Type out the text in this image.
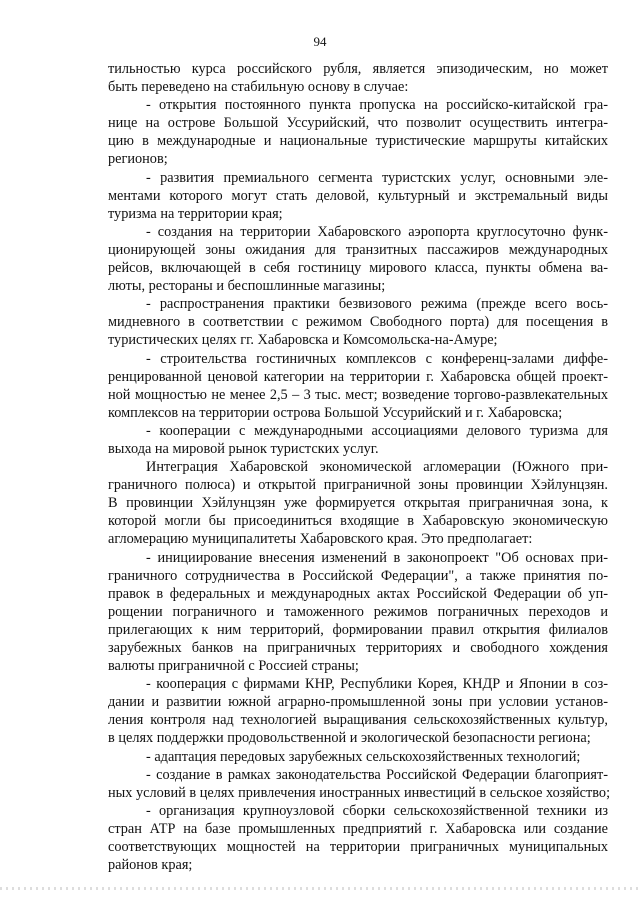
94
тильностью курса российского рубля, является эпизодическим, но может
быть переведено на стабильную основу в случае:
- открытия постоянного пункта пропуска на российско-китайской гра-
нице на острове Большой Уссурийский, что позволит осуществить интегра-
цию в международные и национальные туристические маршруты китайских
регионов;
- развития премиального сегмента туристских услуг, основными эле-
ментами которого могут стать деловой, культурный и экстремальный виды
туризма на территории края;
- создания на территории Хабаровского аэропорта круглосуточно функ-
ционирующей зоны ожидания для транзитных пассажиров международных
рейсов, включающей в себя гостиницу мирового класса, пункты обмена ва-
люты, рестораны и беспошлинные магазины;
- распространения практики безвизового режима (прежде всего вось-
мидневного в соответствии с режимом Свободного порта) для посещения в
туристических целях гг. Хабаровска и Комсомольска-на-Амуре;
- строительства гостиничных комплексов с конференц-залами диффе-
ренцированной ценовой категории на территории г. Хабаровска общей проект-
ной мощностью не менее 2,5 – 3 тыс. мест; возведение торгово-развлекательных
комплексов на территории острова Большой Уссурийский и г. Хабаровска;
- кооперации с международными ассоциациями делового туризма для
выхода на мировой рынок туристских услуг.
Интеграция Хабаровской экономической агломерации (Южного при-
граничного полюса) и открытой приграничной зоны провинции Хэйлунцзян.
В провинции Хэйлунцзян уже формируется открытая приграничная зона, к
которой могли бы присоединиться входящие в Хабаровскую экономическую
агломерацию муниципалитеты Хабаровского края. Это предполагает:
- инициирование внесения изменений в законопроект "Об основах при-
граничного сотрудничества в Российской Федерации", а также принятия по-
правок в федеральных и международных актах Российской Федерации об уп-
рощении пограничного и таможенного режимов пограничных переходов и
прилегающих к ним территорий, формировании правил открытия филиалов
зарубежных банков на приграничных территориях и свободного хождения
валюты приграничной с Россией страны;
- кооперация с фирмами КНР, Республики Корея, КНДР и Японии в соз-
дании и развитии южной аграрно-промышленной зоны при условии установ-
ления контроля над технологией выращивания сельскохозяйственных культур,
в целях поддержки продовольственной и экологической безопасности региона;
- адаптация передовых зарубежных сельскохозяйственных технологий;
- создание в рамках законодательства Российской Федерации благоприят-
ных условий в целях привлечения иностранных инвестиций в сельское хозяйство;
- организация крупноузловой сборки сельскохозяйственной техники из
стран АТР на базе промышленных предприятий г. Хабаровска или создание
соответствующих мощностей на территории приграничных муниципальных
районов края;
